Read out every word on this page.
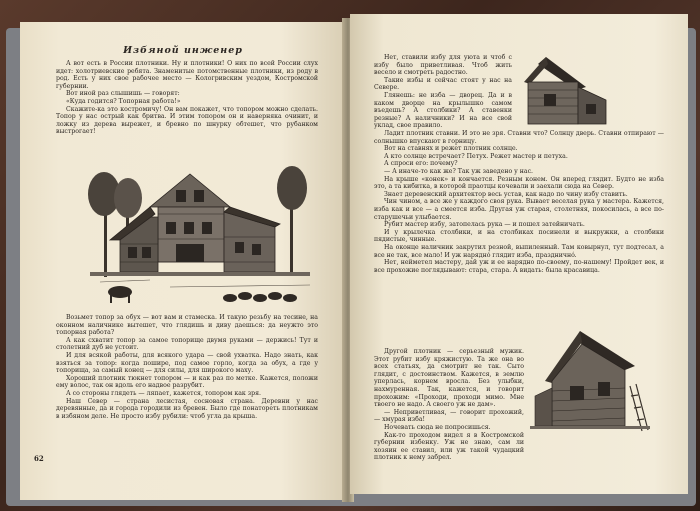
Избяной инженер

А вот есть в России плотники. Ну и плотники! О них по всей России слух идет: холотриевские ребята. Знаменитые потомственные плотники, из роду в род. Есть у них свое рабочее место — Кологривским уездом, Костромской губернии.

Вот иной раз слышишь — говорят:

«Куда годится? Топорная работа!»

Скажите-ка это костромичу! Он вам покажет, что топором можно сделать. Топор у нас острый как бритва. И этим топором он и наверняка очинит, и ложку из дерева вырежет, и бревно по шнурку обтешет, что рубанком выстрогает!

Возьмет топор за обух — вот вам и стамеска. И такую резьбу на тесине, на оконном наличнике вытешет, что глядишь и диву даешься: да неужто это топорная работа?

А как схватит топор за самое топорище двумя руками — держись! Тут и столетний дуб не устоит.

И для всякой работы, для всякого удара — свой ухватка. Надо знать, как взяться за топор: когда пошире, под самое горло, когда за обух, а где у топорища, за самый конец — для силы, для широкого маху.

Хороший плотник тюкнет топором — и как раз по метке. Кажется, положи ему волос, так он вдоль его надвое разрубит.

А со стороны глядеть — ляпает, кажется, топором как зря.

Наш Север — страна лесистая, сосновая страна. Деревни у нас деревянные, да и города городили из бревен. Было где понатореть плотникам в избяном деле. Не просто избу рубили: чтоб угла да крыша.

62

Нет, ставили избу для уюта и чтоб с избу было приветливая. Чтоб жить весело и смотреть радостно.

Такие избы и сейчас стоят у нас на Севере.

Глянешь: не изба — дворец. Да и в каком дворце на крылышко самом въедешь? А столбики? А ставенки резные? А наличники? И на все свой уклад, свое правило.

Ладит плотник ставни. И это не зря. Ставни что? Солнцу дверь. Ставни отпирают — солнышко впускают в горницу.

Вот на ставнях и режет плотник солнце.

А кто солнце встречает? Петух. Режет мастер и петуха.

А спроси его: почему?

— А иначе-то как же? Так уж заведено у нас.

На крыше «конек» и кончается. Резным конем. Он вперед глядит. Будто не изба это, а та кибитка, в которой праотцы кочевали и заехали сюда на Север.

Знает деревенский архитектор весь устав, как надо по чину избу ставить.

Чин чином, а все же у каждого своя рука. Вывает веселая рука у мастера. Кажется, изба как и все — а смеется изба. Другая уж старая, столетняя, покосилась, а все по-старушечьи улыбается.

Рубит мастер избу, затопелась рука — и пошел затейничать.

И у крылечка столбики, и на столбиках посинели и выкружки, а столбики пядистые, чинные.

На оконце наличник закрутил резной, выпиленный. Там ковырнул, тут подтесал, а все не так, все мало! И уж наряднó глядит изба, праздничнó.

Нет, нейметел мастеру, дай уж и ее нарядно по-своему, по-нашему! Пройдет век, и все прохожие поглядывают: стара, стара. А видать: была красавица.

Другой плотник — серьезный мужик. Этот рубит избу кряжистую. Та же она во всех статьях, да смотрит не так. Сыто глядит, с достоинством. Кажется, в землю уперлась, корнем вросла. Без улыбки, нахмуренная. Так, кажется, и говорит прохожим: «Проходи, проходи мимо. Мне твоего не надо. А своего уж не дам».

— Неприветливая, — говорит прохожий, — хмурая изба!

Ночевать сюда не попросишься.

Как-то проходом видел я в Костромской губернии избенку. Уж не знаю, сам ли хозяин ее ставил, или уж такой чудацкий плотник к нему забрел.
